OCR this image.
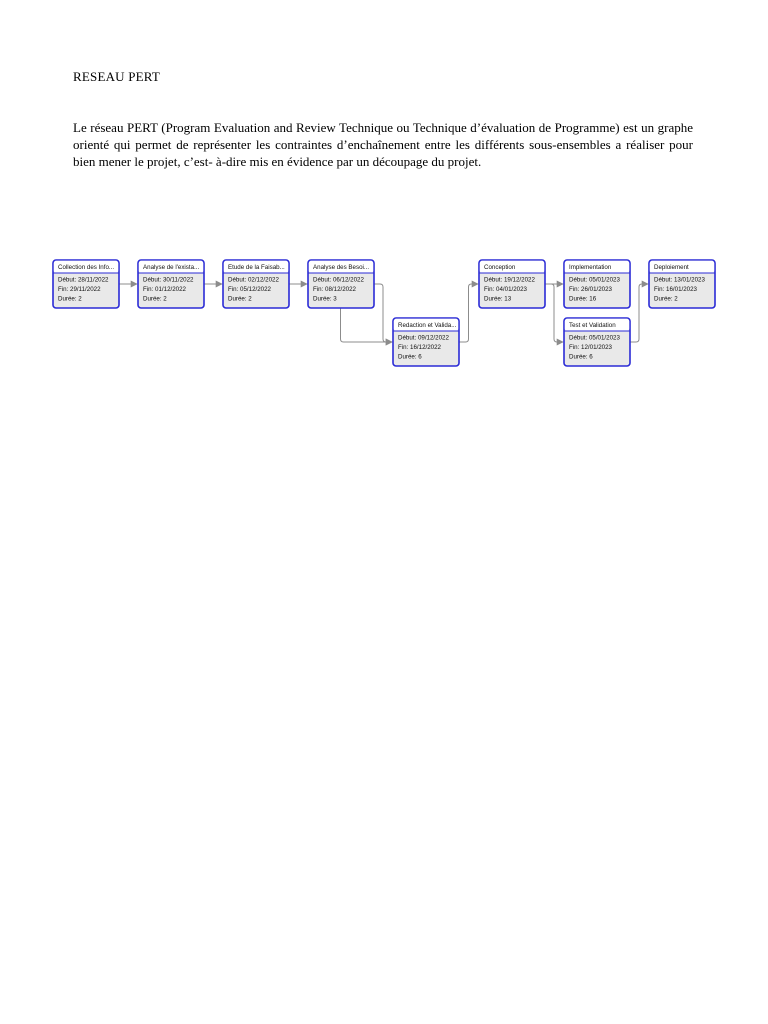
RESEAU PERT
Le réseau PERT (Program Evaluation and Review Technique ou Technique d’évaluation de Programme) est un graphe orienté qui permet de représenter les contraintes d’enchaînement entre les différents sous-ensembles a réaliser pour bien mener le projet, c’est- à-dire mis en évidence par un découpage du projet.
Collection des Info...
Début: 28/11/2022
Fin: 29/11/2022
Durée: 2
Analyse de l'exista...
Début: 30/11/2022
Fin: 01/12/2022
Durée: 2
Etude de la Faisab...
Début: 02/12/2022
Fin: 05/12/2022
Durée: 2
Analyse des Besoi...
Début: 06/12/2022
Fin: 08/12/2022
Durée: 3
Redaction et Valida...
Début: 09/12/2022
Fin: 16/12/2022
Durée: 6
Conception
Début: 19/12/2022
Fin: 04/01/2023
Durée: 13
Implementation
Début: 05/01/2023
Fin: 26/01/2023
Durée: 16
Test et Validation
Début: 05/01/2023
Fin: 12/01/2023
Durée: 6
Deploiement
Début: 13/01/2023
Fin: 16/01/2023
Durée: 2
